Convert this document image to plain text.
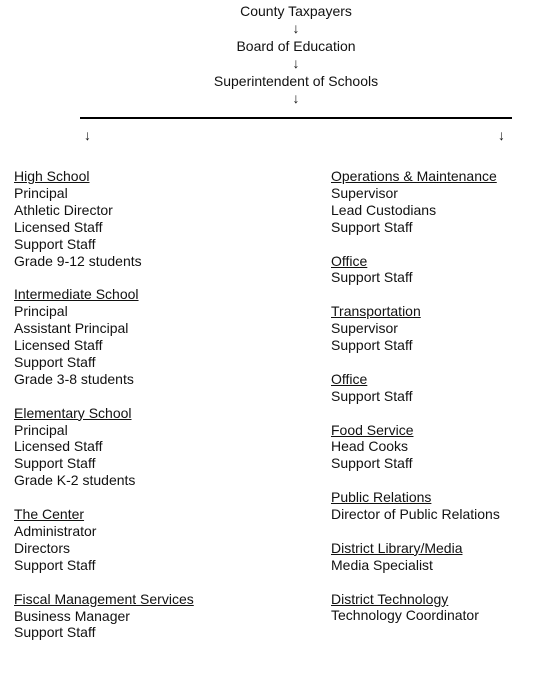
County Taxpayers
↓
Board of Education
↓
Superintendent of Schools
↓
↓	↓
High School
Principal
Athletic Director
Licensed Staff
Support Staff
Grade 9-12 students
Intermediate School
Principal
Assistant Principal
Licensed Staff
Support Staff
Grade 3-8 students
Elementary School
Principal
Licensed Staff
Support Staff
Grade K-2 students
The Center
Administrator
Directors
Support Staff
Fiscal Management Services
Business Manager
Support Staff
Operations & Maintenance
Supervisor
Lead Custodians
Support Staff
Office
Support Staff
Transportation
Supervisor
Support Staff
Office
Support Staff
Food Service
Head Cooks
Support Staff
Public Relations
Director of Public Relations
District Library/Media
Media Specialist
District Technology
Technology Coordinator
